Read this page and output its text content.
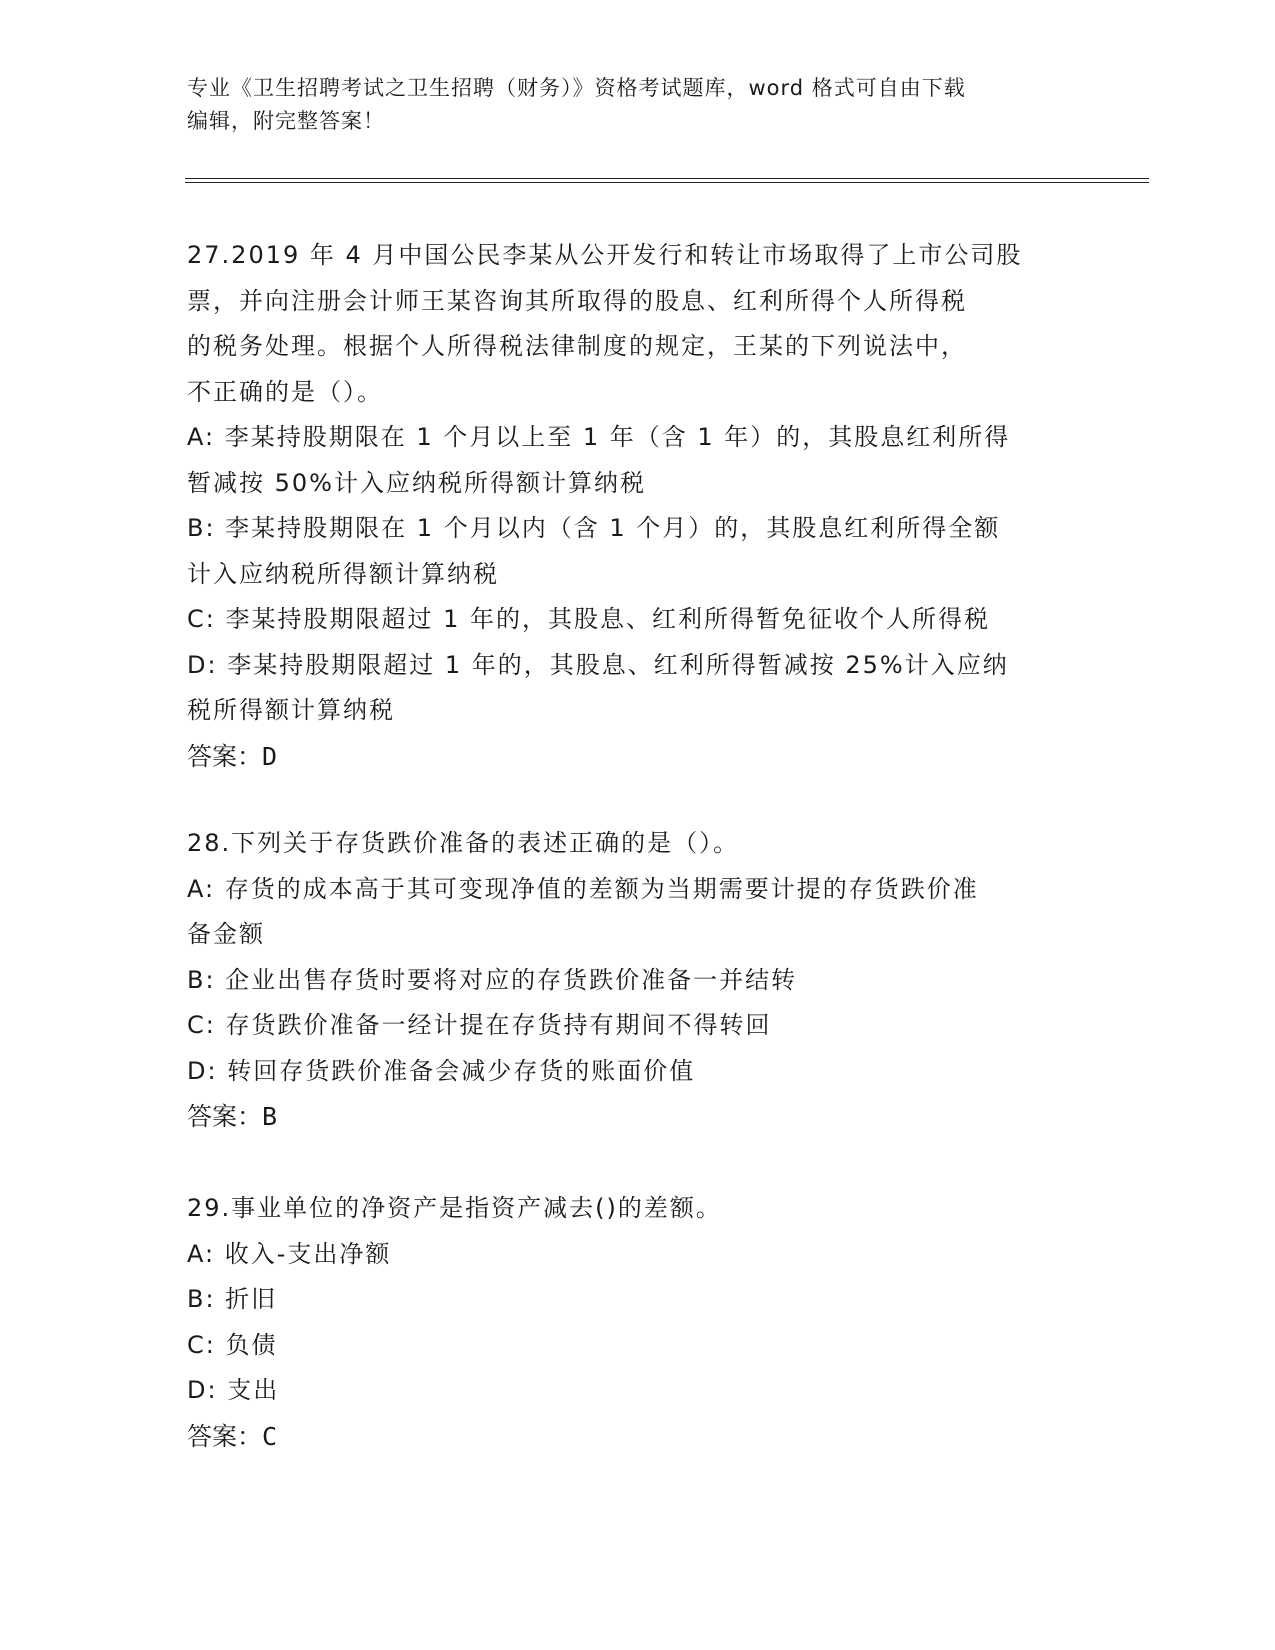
专业《卫生招聘考试之卫生招聘（财务）》资格考试题库，word 格式可自由下载
编辑，附完整答案！
27.2019 年 4 月中国公民李某从公开发行和转让市场取得了上市公司股
票，并向注册会计师王某咨询其所取得的股息、红利所得个人所得税
的税务处理。根据个人所得税法律制度的规定，王某的下列说法中，
不正确的是（）。
A: 李某持股期限在 1 个月以上至 1 年（含 1 年）的，其股息红利所得
暂减按 50%计入应纳税所得额计算纳税
B: 李某持股期限在 1 个月以内（含 1 个月）的，其股息红利所得全额
计入应纳税所得额计算纳税
C: 李某持股期限超过 1 年的，其股息、红利所得暂免征收个人所得税
D: 李某持股期限超过 1 年的，其股息、红利所得暂减按 25%计入应纳
税所得额计算纳税
答案：D
28.下列关于存货跌价准备的表述正确的是（）。
A: 存货的成本高于其可变现净值的差额为当期需要计提的存货跌价准
备金额
B: 企业出售存货时要将对应的存货跌价准备一并结转
C: 存货跌价准备一经计提在存货持有期间不得转回
D: 转回存货跌价准备会减少存货的账面价值
答案：B
29.事业单位的净资产是指资产减去()的差额。
A: 收入-支出净额
B: 折旧
C: 负债
D: 支出
答案：C
